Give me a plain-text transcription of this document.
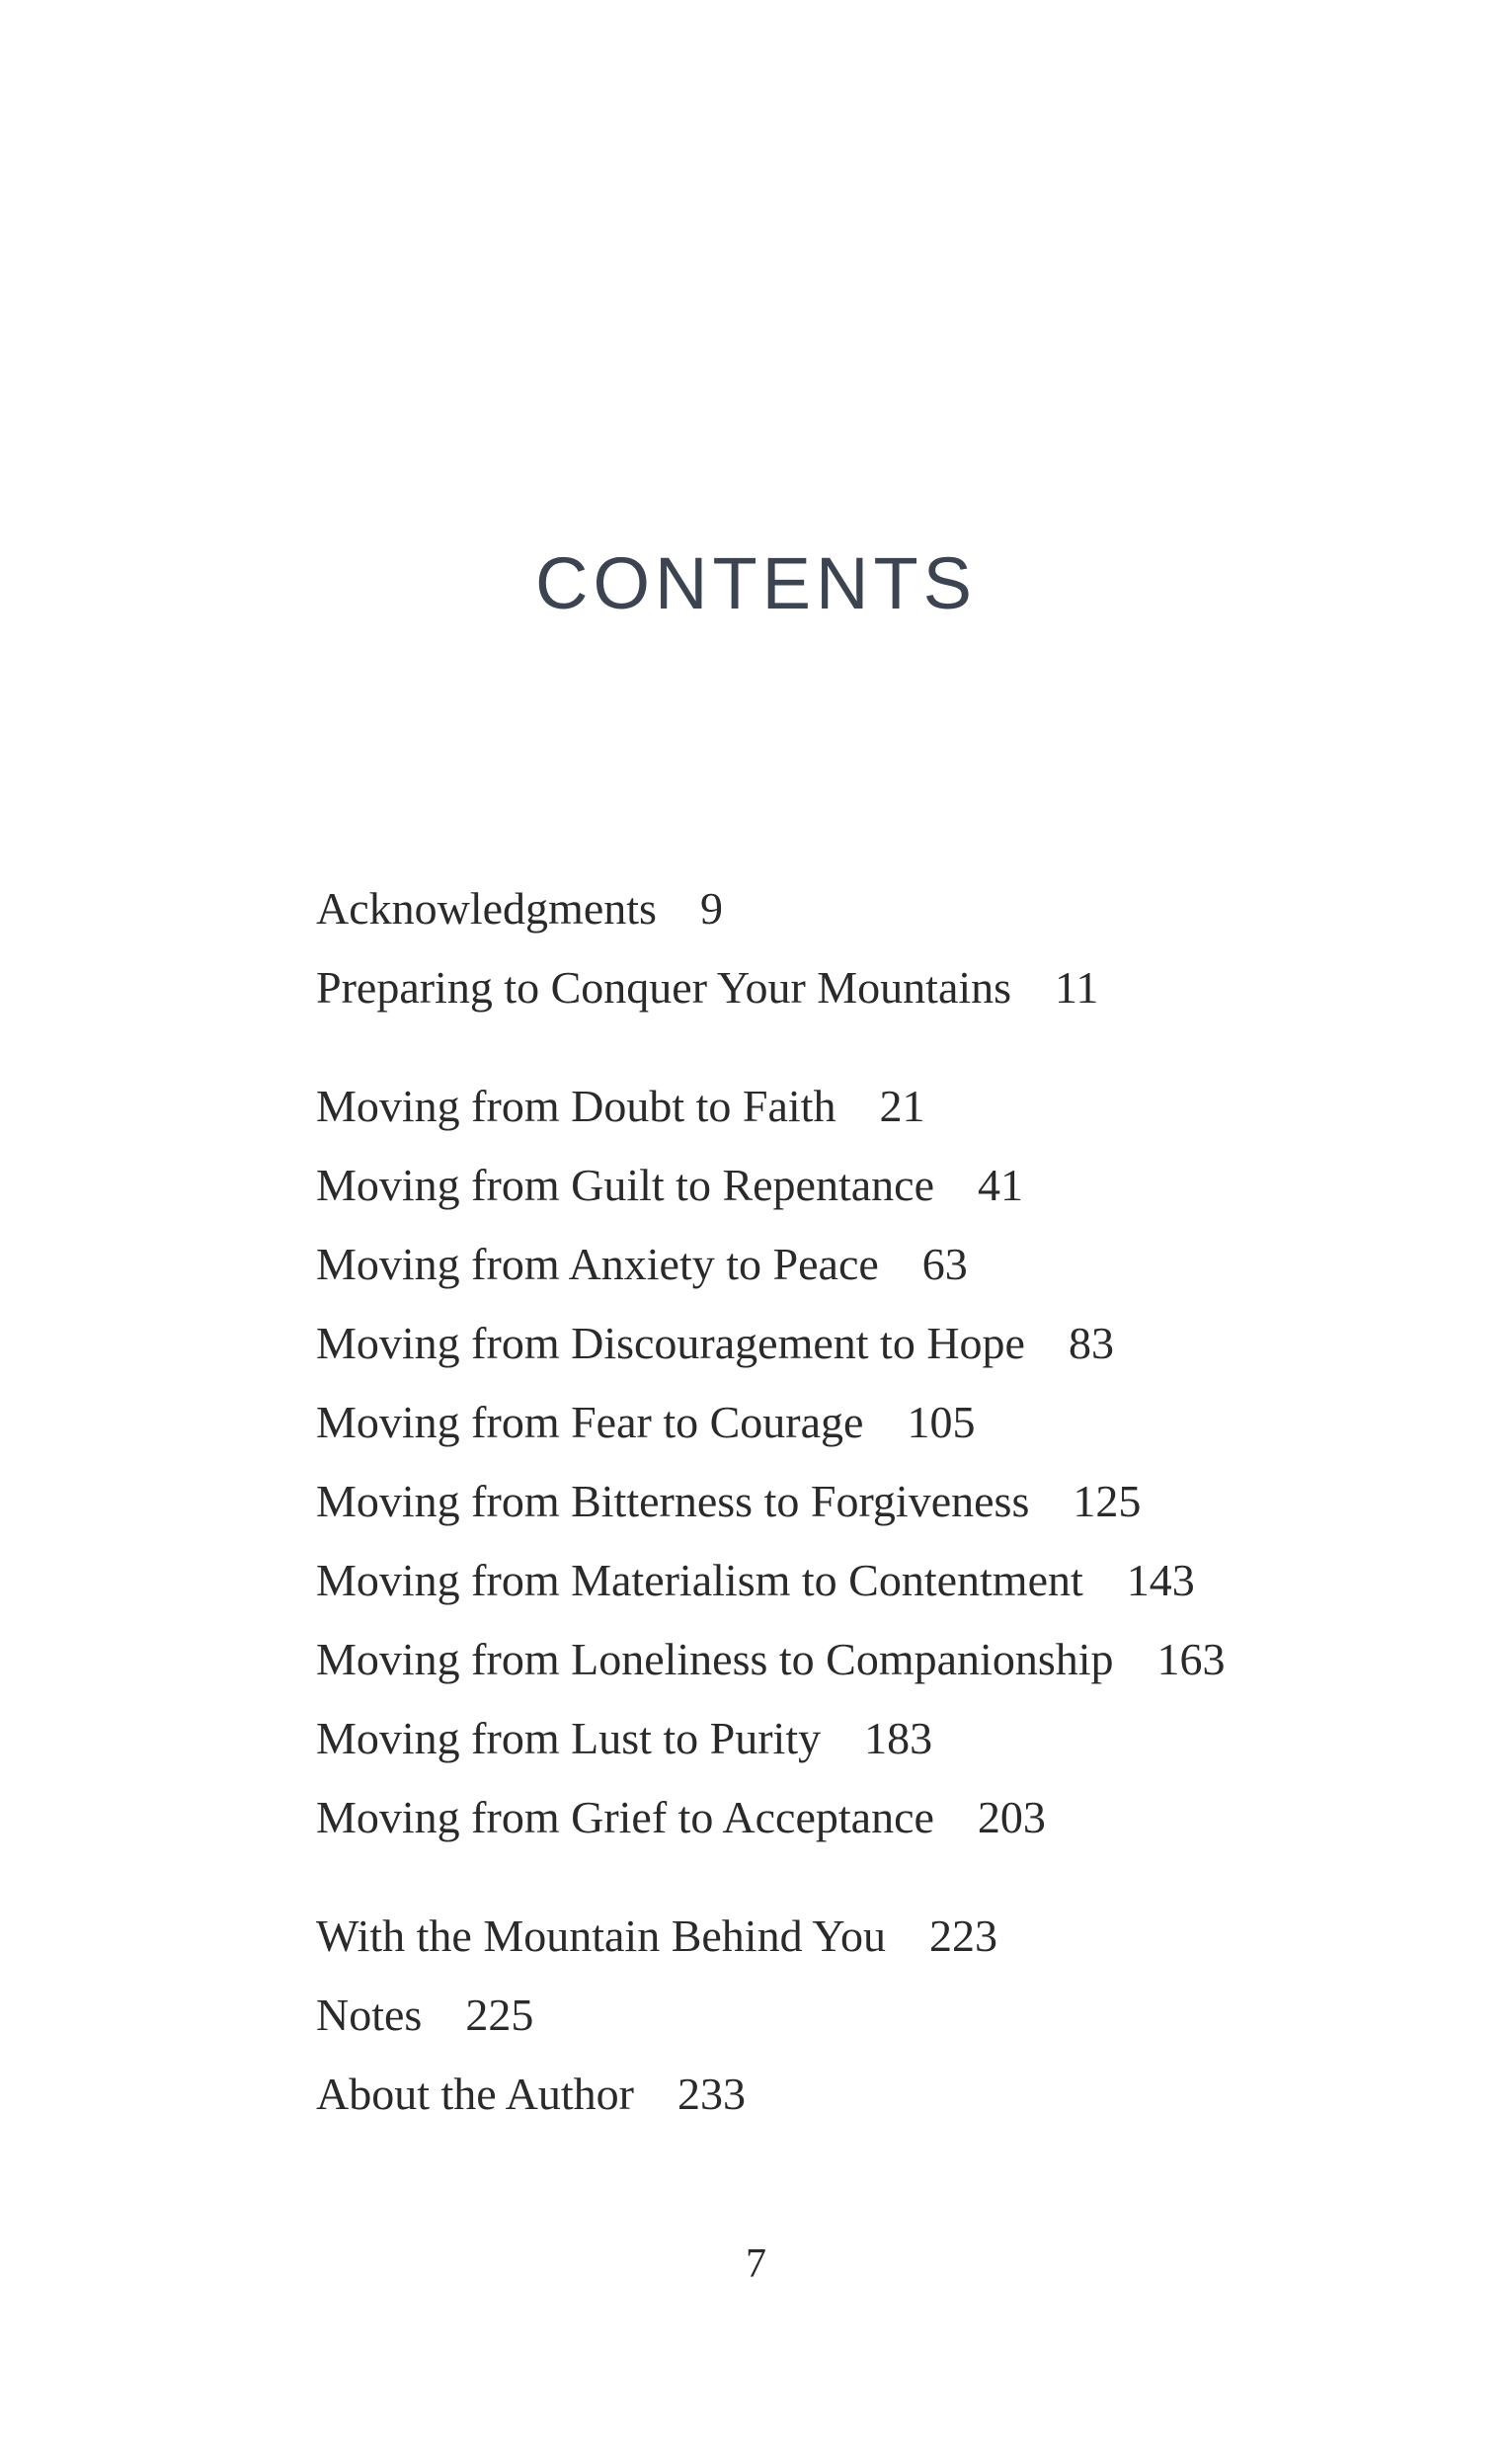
CONTENTS
Acknowledgments 9
Preparing to Conquer Your Mountains 11
Moving from Doubt to Faith 21
Moving from Guilt to Repentance 41
Moving from Anxiety to Peace 63
Moving from Discouragement to Hope 83
Moving from Fear to Courage 105
Moving from Bitterness to Forgiveness 125
Moving from Materialism to Contentment 143
Moving from Loneliness to Companionship 163
Moving from Lust to Purity 183
Moving from Grief to Acceptance 203
With the Mountain Behind You 223
Notes 225
About the Author 233
7
